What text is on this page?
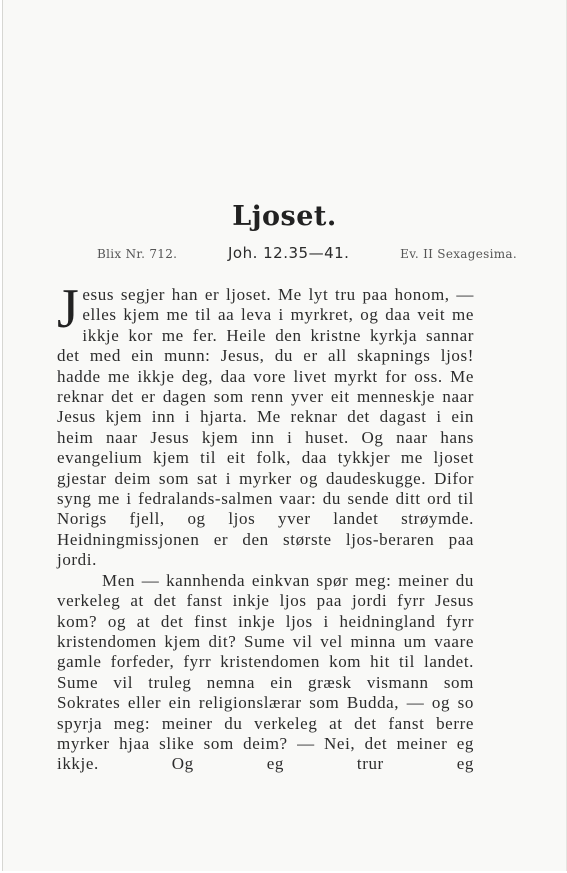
Ljoset.
Blix Nr. 712.	Joh. 12.35—41.	Ev. II Sexagesima.

Jesus segjer han er ljoset. Me lyt tru paa honom, — elles kjem me til aa leva i myrkret, og daa veit me ikkje kor me fer. Heile den kristne kyrkja sannar det med ein munn: Jesus, du er all skapnings ljos! hadde me ikkje deg, daa vore livet myrkt for oss. Me reknar det er dagen som renn yver eit menneskje naar Jesus kjem inn i hjarta. Me reknar det dagast i ein heim naar Jesus kjem inn i huset. Og naar hans evangelium kjem til eit folk, daa tykkjer me ljoset gjestar deim som sat i myrker og daudeskugge. Difor syng me i fedralands-salmen vaar: du sende ditt ord til Norigs fjell, og ljos yver landet strøymde. Heidningmissjonen er den største ljos-beraren paa jordi.

Men — kannhenda einkvan spør meg: meiner du verkeleg at det fanst inkje ljos paa jordi fyrr Jesus kom? og at det finst inkje ljos i heidningland fyrr kristendomen kjem dit? Sume vil vel minna um vaare gamle forfeder, fyrr kristendomen kom hit til landet. Sume vil truleg nemna ein græsk vismann som Sokrates eller ein religionslærar som Budda, — og so spyrja meg: meiner du verkeleg at det fanst berre myrker hjaa slike som deim? — Nei, det meiner eg ikkje. Og eg trur eg
